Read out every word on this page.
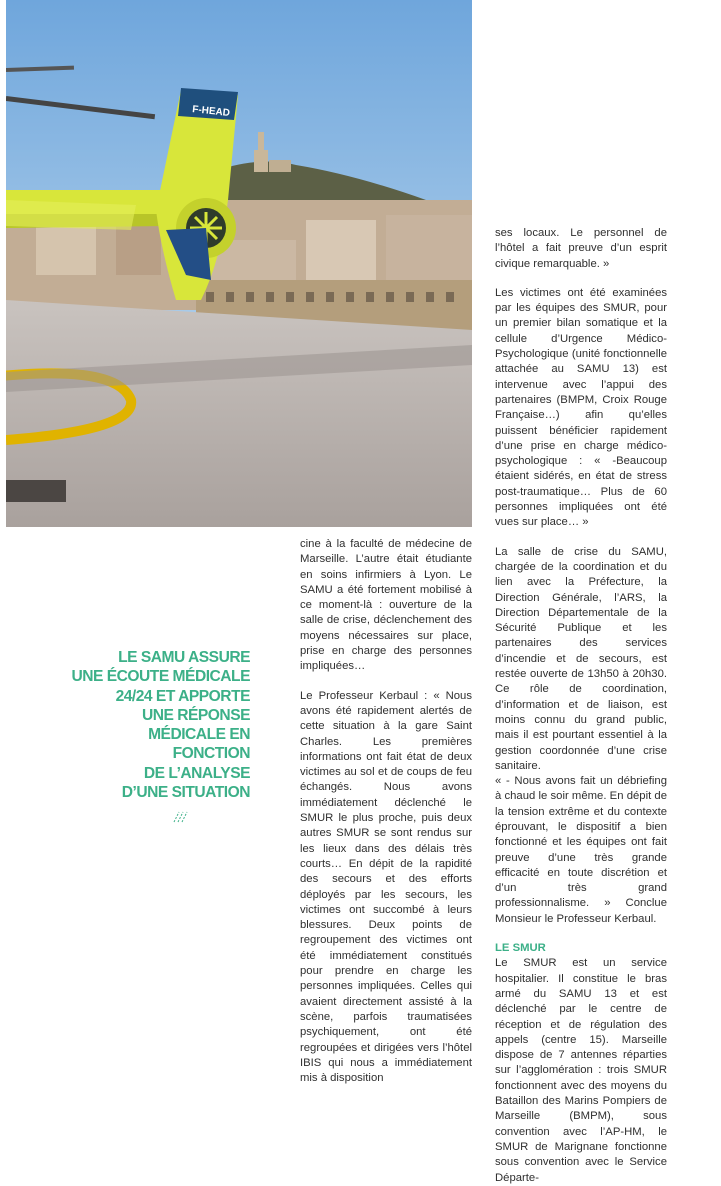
F-HEAD
LE SAMU ASSURE
UNE ÉCOUTE MÉDICALE
24/24 ET APPORTE
UNE RÉPONSE
MÉDICALE EN
FONCTION
DE L’ANALYSE
D’UNE SITUATION

cine à la faculté de médecine de Marseille. L’autre était étudiante en soins infirmiers à Lyon. Le SAMU a été fortement mobilisé à ce moment-là : ouverture de la salle de crise, déclenchement des moyens nécessaires sur place, prise en charge des personnes impliquées…

Le Professeur Kerbaul : « Nous avons été rapidement alertés de cette situation à la gare Saint Charles. Les premières informations ont fait état de deux victimes au sol et de coups de feu échangés. Nous avons immédiatement déclenché le SMUR le plus proche, puis deux autres SMUR se sont rendus sur les lieux dans des délais très courts… En dépit de la rapidité des secours et des efforts déployés par les secours, les victimes ont succombé à leurs blessures. Deux points de regroupement des victimes ont été immédiatement constitués pour prendre en charge les personnes impliquées. Celles qui avaient directement assisté à la scène, parfois traumatisées psychiquement, ont été regroupées et dirigées vers l’hôtel IBIS qui nous a immédiatement mis à disposition

ses locaux. Le personnel de l’hôtel a fait preuve d’un esprit civique remarquable. »

Les victimes ont été examinées par les équipes des SMUR, pour un premier bilan somatique et la cellule d’Urgence Médico-Psychologique (unité fonctionnelle attachée au SAMU 13) est intervenue avec l’appui des partenaires (BMPM, Croix Rouge Française…) afin qu’elles puissent bénéficier rapidement d’une prise en charge médico-psychologique : « -Beaucoup étaient sidérés, en état de stress post-traumatique… Plus de 60 personnes impliquées ont été vues sur place… »

La salle de crise du SAMU, chargée de la coordination et du lien avec la Préfecture, la Direction Générale, l’ARS, la Direction Départementale de la Sécurité Publique et les partenaires des services d’incendie et de secours, est restée ouverte de 13h50 à 20h30. Ce rôle de coordination, d’information et de liaison, est moins connu du grand public, mais il est pourtant essentiel à la gestion coordonnée d’une crise sanitaire.

« - Nous avons fait un débriefing à chaud le soir même. En dépit de la tension extrême et du contexte éprouvant, le dispositif a bien fonctionné et les équipes ont fait preuve d’une très grande efficacité en toute discrétion et d’un très grand professionnalisme. » Conclue Monsieur le Professeur Kerbaul.

LE SMUR

Le SMUR est un service hospitalier. Il constitue le bras armé du SAMU 13 et est déclenché par le centre de réception et de régulation des appels (centre 15). Marseille dispose de 7 antennes réparties sur l’agglomération : trois SMUR fonctionnent avec des moyens du Bataillon des Marins Pompiers de Marseille (BMPM), sous convention avec l’AP-HM, le SMUR de Marignane fonctionne sous convention avec le Service Départe-
